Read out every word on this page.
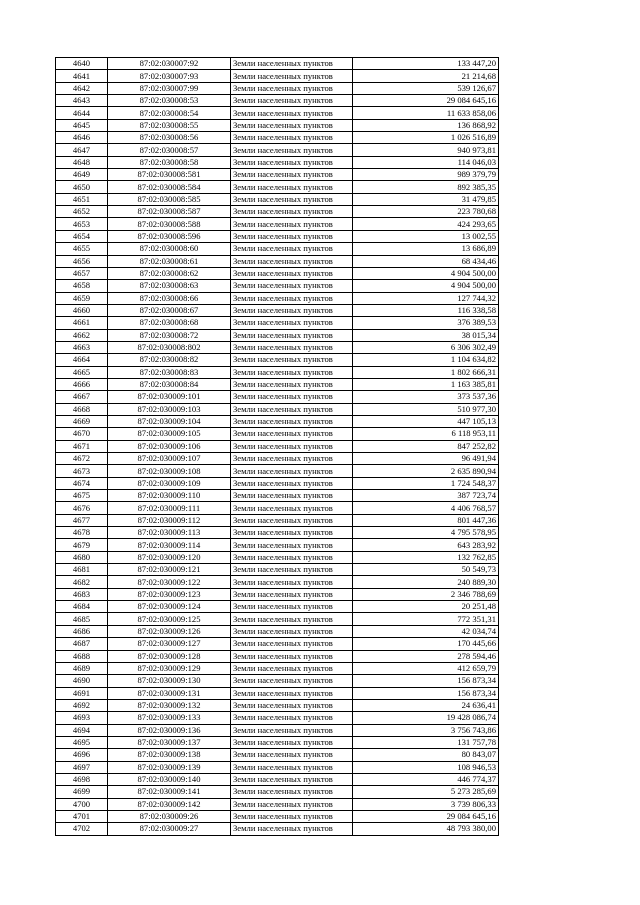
4640	87:02:030007:92	Земли населенных пунктов	133 447,20
4641	87:02:030007:93	Земли населенных пунктов	21 214,68
4642	87:02:030007:99	Земли населенных пунктов	539 126,67
4643	87:02:030008:53	Земли населенных пунктов	29 084 645,16
4644	87:02:030008:54	Земли населенных пунктов	11 633 858,06
4645	87:02:030008:55	Земли населенных пунктов	136 868,92
4646	87:02:030008:56	Земли населенных пунктов	1 026 516,89
4647	87:02:030008:57	Земли населенных пунктов	940 973,81
4648	87:02:030008:58	Земли населенных пунктов	114 046,03
4649	87:02:030008:581	Земли населенных пунктов	989 379,79
4650	87:02:030008:584	Земли населенных пунктов	892 385,35
4651	87:02:030008:585	Земли населенных пунктов	31 479,85
4652	87:02:030008:587	Земли населенных пунктов	223 780,68
4653	87:02:030008:588	Земли населенных пунктов	424 293,65
4654	87:02:030008:596	Земли населенных пунктов	13 002,55
4655	87:02:030008:60	Земли населенных пунктов	13 686,89
4656	87:02:030008:61	Земли населенных пунктов	68 434,46
4657	87:02:030008:62	Земли населенных пунктов	4 904 500,00
4658	87:02:030008:63	Земли населенных пунктов	4 904 500,00
4659	87:02:030008:66	Земли населенных пунктов	127 744,32
4660	87:02:030008:67	Земли населенных пунктов	116 338,58
4661	87:02:030008:68	Земли населенных пунктов	376 389,53
4662	87:02:030008:72	Земли населенных пунктов	38 015,34
4663	87:02:030008:802	Земли населенных пунктов	6 306 302,49
4664	87:02:030008:82	Земли населенных пунктов	1 104 634,82
4665	87:02:030008:83	Земли населенных пунктов	1 802 666,31
4666	87:02:030008:84	Земли населенных пунктов	1 163 385,81
4667	87:02:030009:101	Земли населенных пунктов	373 537,36
4668	87:02:030009:103	Земли населенных пунктов	510 977,30
4669	87:02:030009:104	Земли населенных пунктов	447 105,13
4670	87:02:030009:105	Земли населенных пунктов	6 118 953,11
4671	87:02:030009:106	Земли населенных пунктов	847 252,82
4672	87:02:030009:107	Земли населенных пунктов	96 491,94
4673	87:02:030009:108	Земли населенных пунктов	2 635 890,94
4674	87:02:030009:109	Земли населенных пунктов	1 724 548,37
4675	87:02:030009:110	Земли населенных пунктов	387 723,74
4676	87:02:030009:111	Земли населенных пунктов	4 406 768,57
4677	87:02:030009:112	Земли населенных пунктов	801 447,36
4678	87:02:030009:113	Земли населенных пунктов	4 795 578,95
4679	87:02:030009:114	Земли населенных пунктов	643 283,92
4680	87:02:030009:120	Земли населенных пунктов	132 762,85
4681	87:02:030009:121	Земли населенных пунктов	50 549,73
4682	87:02:030009:122	Земли населенных пунктов	240 889,30
4683	87:02:030009:123	Земли населенных пунктов	2 346 788,69
4684	87:02:030009:124	Земли населенных пунктов	20 251,48
4685	87:02:030009:125	Земли населенных пунктов	772 351,31
4686	87:02:030009:126	Земли населенных пунктов	42 034,74
4687	87:02:030009:127	Земли населенных пунктов	170 445,66
4688	87:02:030009:128	Земли населенных пунктов	278 594,46
4689	87:02:030009:129	Земли населенных пунктов	412 659,79
4690	87:02:030009:130	Земли населенных пунктов	156 873,34
4691	87:02:030009:131	Земли населенных пунктов	156 873,34
4692	87:02:030009:132	Земли населенных пунктов	24 636,41
4693	87:02:030009:133	Земли населенных пунктов	19 428 086,74
4694	87:02:030009:136	Земли населенных пунктов	3 756 743,86
4695	87:02:030009:137	Земли населенных пунктов	131 757,78
4696	87:02:030009:138	Земли населенных пунктов	80 843,07
4697	87:02:030009:139	Земли населенных пунктов	108 946,53
4698	87:02:030009:140	Земли населенных пунктов	446 774,37
4699	87:02:030009:141	Земли населенных пунктов	5 273 285,69
4700	87:02:030009:142	Земли населенных пунктов	3 739 806,33
4701	87:02:030009:26	Земли населенных пунктов	29 084 645,16
4702	87:02:030009:27	Земли населенных пунктов	48 793 380,00
